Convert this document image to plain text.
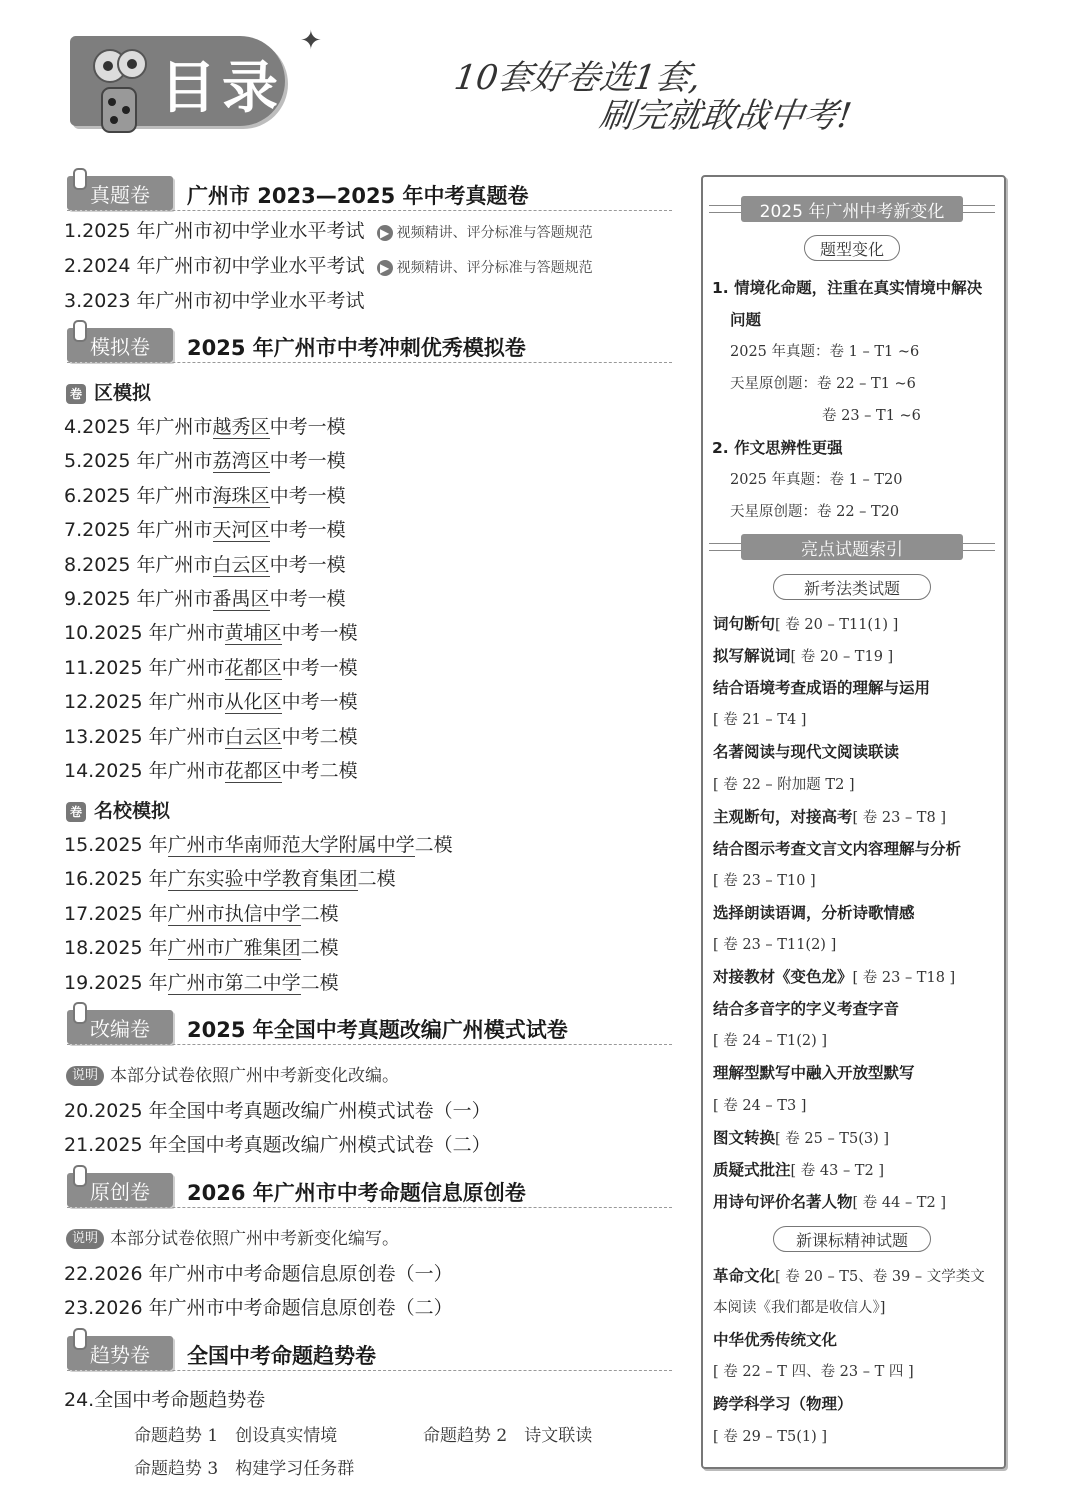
目录
✦
10套好卷选1套,
刷完就敢战中考!
真题卷 广州市 2023—2025 年中考真题卷
1.2025 年广州市初中学业水平考试 ▶ 视频精讲、评分标准与答题规范
2.2024 年广州市初中学业水平考试 ▶ 视频精讲、评分标准与答题规范
3.2023 年广州市初中学业水平考试
模拟卷 2025 年广州市中考冲刺优秀模拟卷
卷 区模拟
4.2025 年广州市越秀区中考一模
5.2025 年广州市荔湾区中考一模
6.2025 年广州市海珠区中考一模
7.2025 年广州市天河区中考一模
8.2025 年广州市白云区中考一模
9.2025 年广州市番禺区中考一模
10.2025 年广州市黄埔区中考一模
11.2025 年广州市花都区中考一模
12.2025 年广州市从化区中考一模
13.2025 年广州市白云区中考二模
14.2025 年广州市花都区中考二模
卷 名校模拟
15.2025 年广州市华南师范大学附属中学二模
16.2025 年广东实验中学教育集团二模
17.2025 年广州市执信中学二模
18.2025 年广州市广雅集团二模
19.2025 年广州市第二中学二模
改编卷 2025 年全国中考真题改编广州模式试卷
说明 本部分试卷依照广州中考新变化改编。
20.2025 年全国中考真题改编广州模式试卷（一）
21.2025 年全国中考真题改编广州模式试卷（二）
原创卷 2026 年广州市中考命题信息原创卷
说明 本部分试卷依照广州中考新变化编写。
22.2026 年广州市中考命题信息原创卷（一）
23.2026 年广州市中考命题信息原创卷（二）
趋势卷 全国中考命题趋势卷
24.全国中考命题趋势卷
命题趋势 1　创设真实情境	命题趋势 2　诗文联读
命题趋势 3　构建学习任务群
2025 年广州中考新变化
题型变化
1. 情境化命题，注重在真实情境中解决
问题
2025 年真题：卷 1 – T1 ~6
天星原创题：卷 22 – T1 ~6
卷 23 – T1 ~6
2. 作文思辨性更强
2025 年真题：卷 1 – T20
天星原创题：卷 22 – T20
亮点试题索引
新考法类试题
词句断句[ 卷 20 – T11(1) ]
拟写解说词[ 卷 20 – T19 ]
结合语境考查成语的理解与运用
[ 卷 21 – T4 ]
名著阅读与现代文阅读联读
[ 卷 22 – 附加题 T2 ]
主观断句，对接高考[ 卷 23 – T8 ]
结合图示考查文言文内容理解与分析
[ 卷 23 – T10 ]
选择朗读语调，分析诗歌情感
[ 卷 23 – T11(2) ]
对接教材《变色龙》[ 卷 23 – T18 ]
结合多音字的字义考查字音
[ 卷 24 – T1(2) ]
理解型默写中融入开放型默写
[ 卷 24 – T3 ]
图文转换[ 卷 25 – T5(3) ]
质疑式批注[ 卷 43 – T2 ]
用诗句评价名著人物[ 卷 44 – T2 ]
新课标精神试题
革命文化[ 卷 20 – T5、卷 39 – 文学类文
本阅读《我们都是收信人》]
中华优秀传统文化
[ 卷 22 – T 四、卷 23 – T 四 ]
跨学科学习（物理）
[ 卷 29 – T5(1) ]
